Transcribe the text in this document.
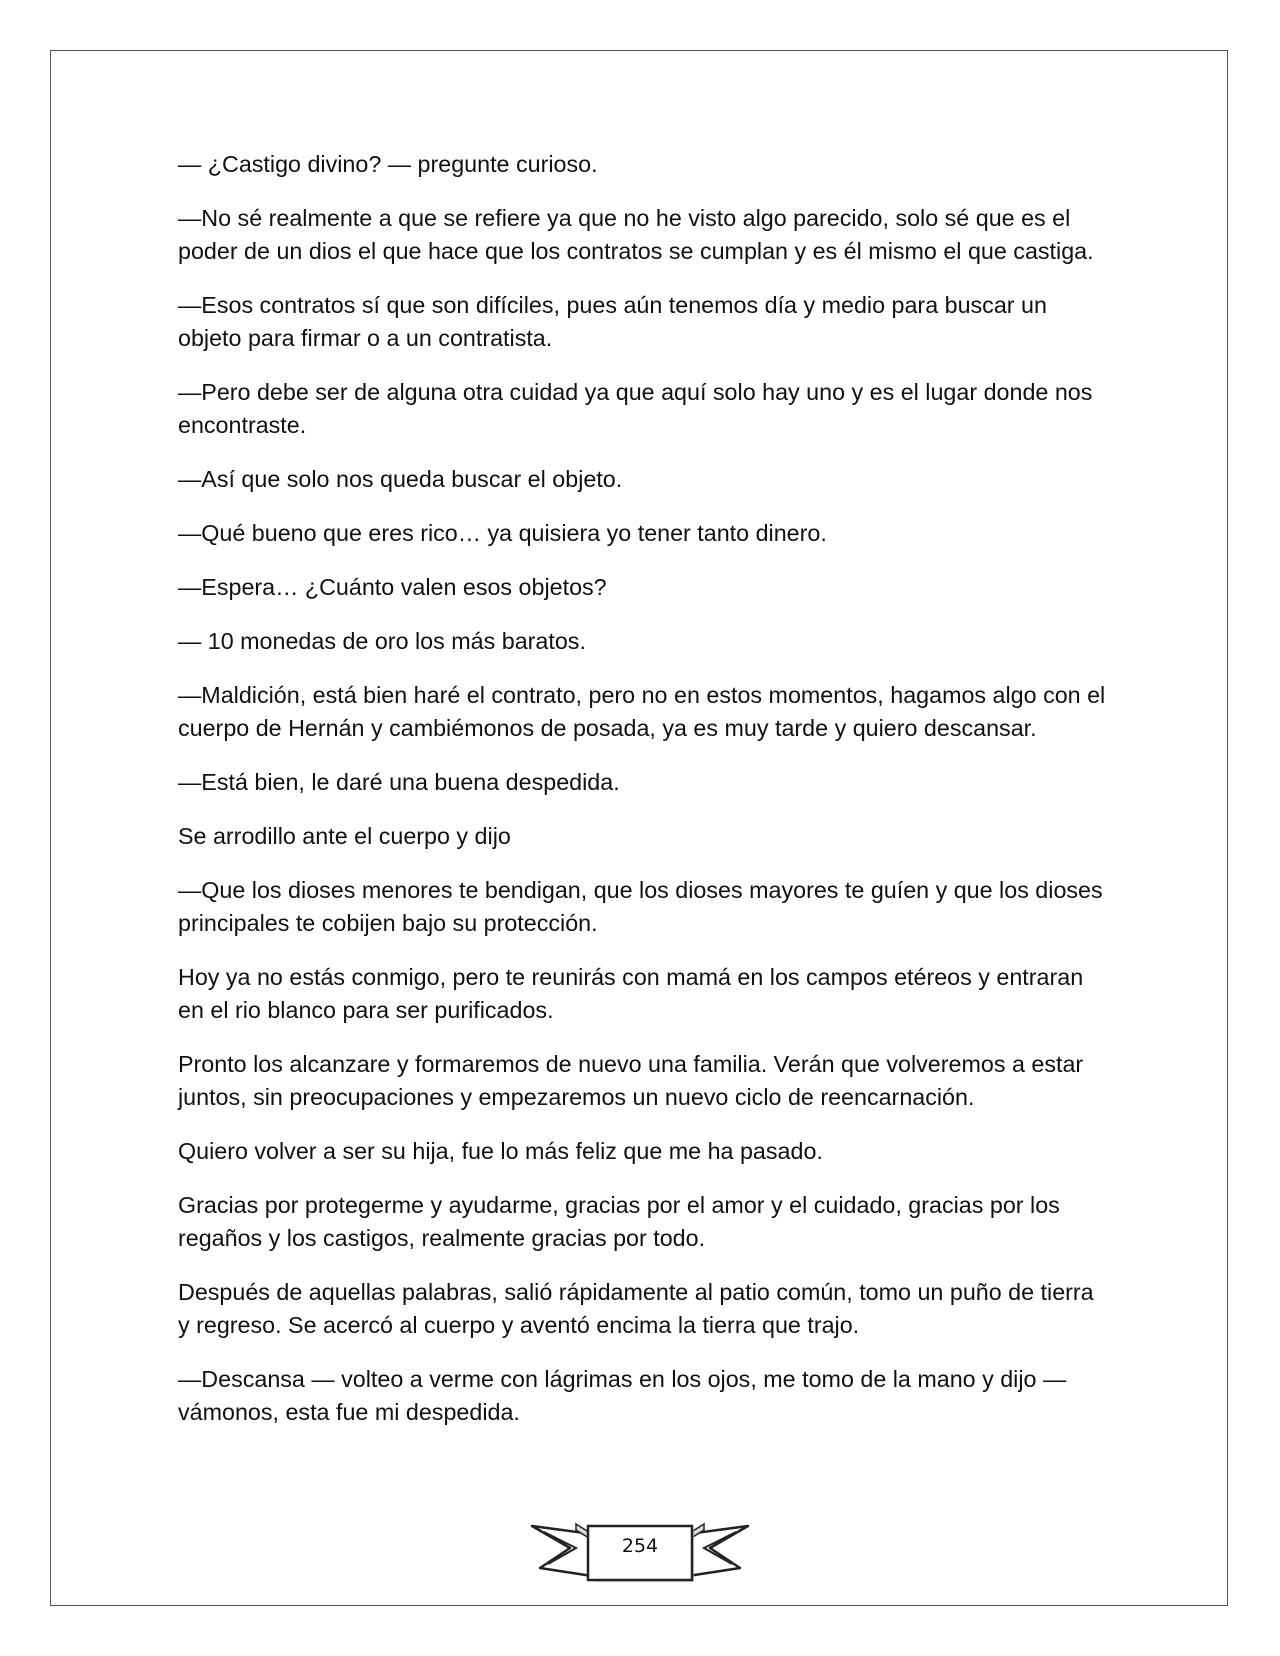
— ¿Castigo divino? — pregunte curioso.

—No sé realmente a que se refiere ya que no he visto algo parecido, solo sé que es el poder de un dios el que hace que los contratos se cumplan y es él mismo el que castiga.

—Esos contratos sí que son difíciles, pues aún tenemos día y medio para buscar un objeto para firmar o a un contratista.

—Pero debe ser de alguna otra cuidad ya que aquí solo hay uno y es el lugar donde nos encontraste.

—Así que solo nos queda buscar el objeto.

—Qué bueno que eres rico… ya quisiera yo tener tanto dinero.

—Espera… ¿Cuánto valen esos objetos?

— 10 monedas de oro los más baratos.

—Maldición, está bien haré el contrato, pero no en estos momentos, hagamos algo con el cuerpo de Hernán y cambiémonos de posada, ya es muy tarde y quiero descansar.

—Está bien, le daré una buena despedida.

Se arrodillo ante el cuerpo y dijo

—Que los dioses menores te bendigan, que los dioses mayores te guíen y que los dioses principales te cobijen bajo su protección.

Hoy ya no estás conmigo, pero te reunirás con mamá en los campos etéreos y entraran en el rio blanco para ser purificados.

Pronto los alcanzare y formaremos de nuevo una familia. Verán que volveremos a estar juntos, sin preocupaciones y empezaremos un nuevo ciclo de reencarnación.

Quiero volver a ser su hija, fue lo más feliz que me ha pasado.

Gracias por protegerme y ayudarme, gracias por el amor y el cuidado, gracias por los regaños y los castigos, realmente gracias por todo.

Después de aquellas palabras, salió rápidamente al patio común, tomo un puño de tierra y regreso. Se acercó al cuerpo y aventó encima la tierra que trajo.

—Descansa — volteo a verme con lágrimas en los ojos, me tomo de la mano y dijo — vámonos, esta fue mi despedida.

254
